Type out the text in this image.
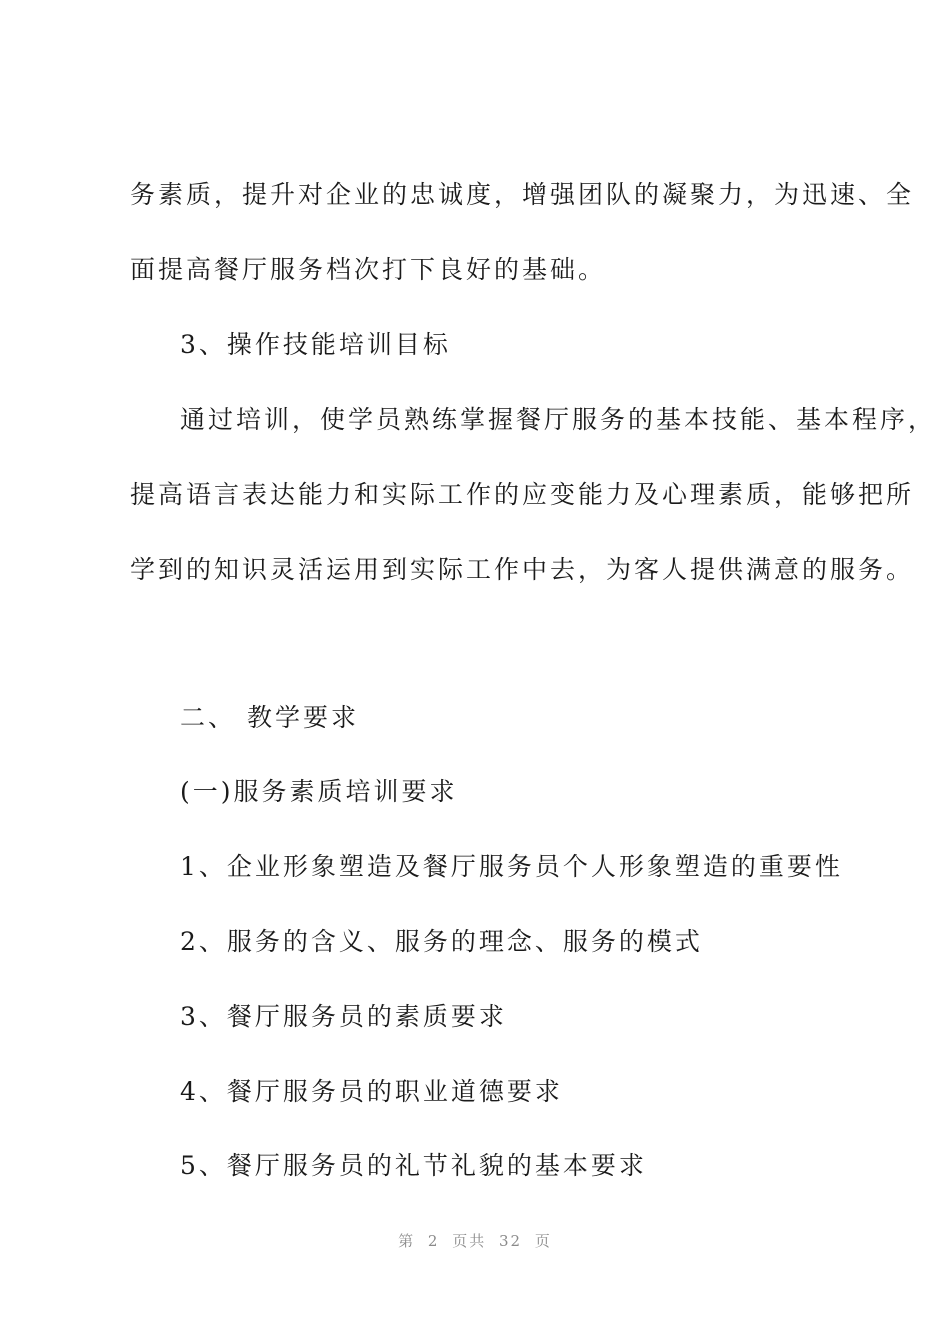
务素质，提升对企业的忠诚度，增强团队的凝聚力，为迅速、全
面提高餐厅服务档次打下良好的基础。
3、操作技能培训目标
通过培训，使学员熟练掌握餐厅服务的基本技能、基本程序，
提高语言表达能力和实际工作的应变能力及心理素质，能够把所
学到的知识灵活运用到实际工作中去，为客人提供满意的服务。
二、 教学要求
(一)服务素质培训要求
1、企业形象塑造及餐厅服务员个人形象塑造的重要性
2、服务的含义、服务的理念、服务的模式
3、餐厅服务员的素质要求
4、餐厅服务员的职业道德要求
5、餐厅服务员的礼节礼貌的基本要求
第 2 页共 32 页
